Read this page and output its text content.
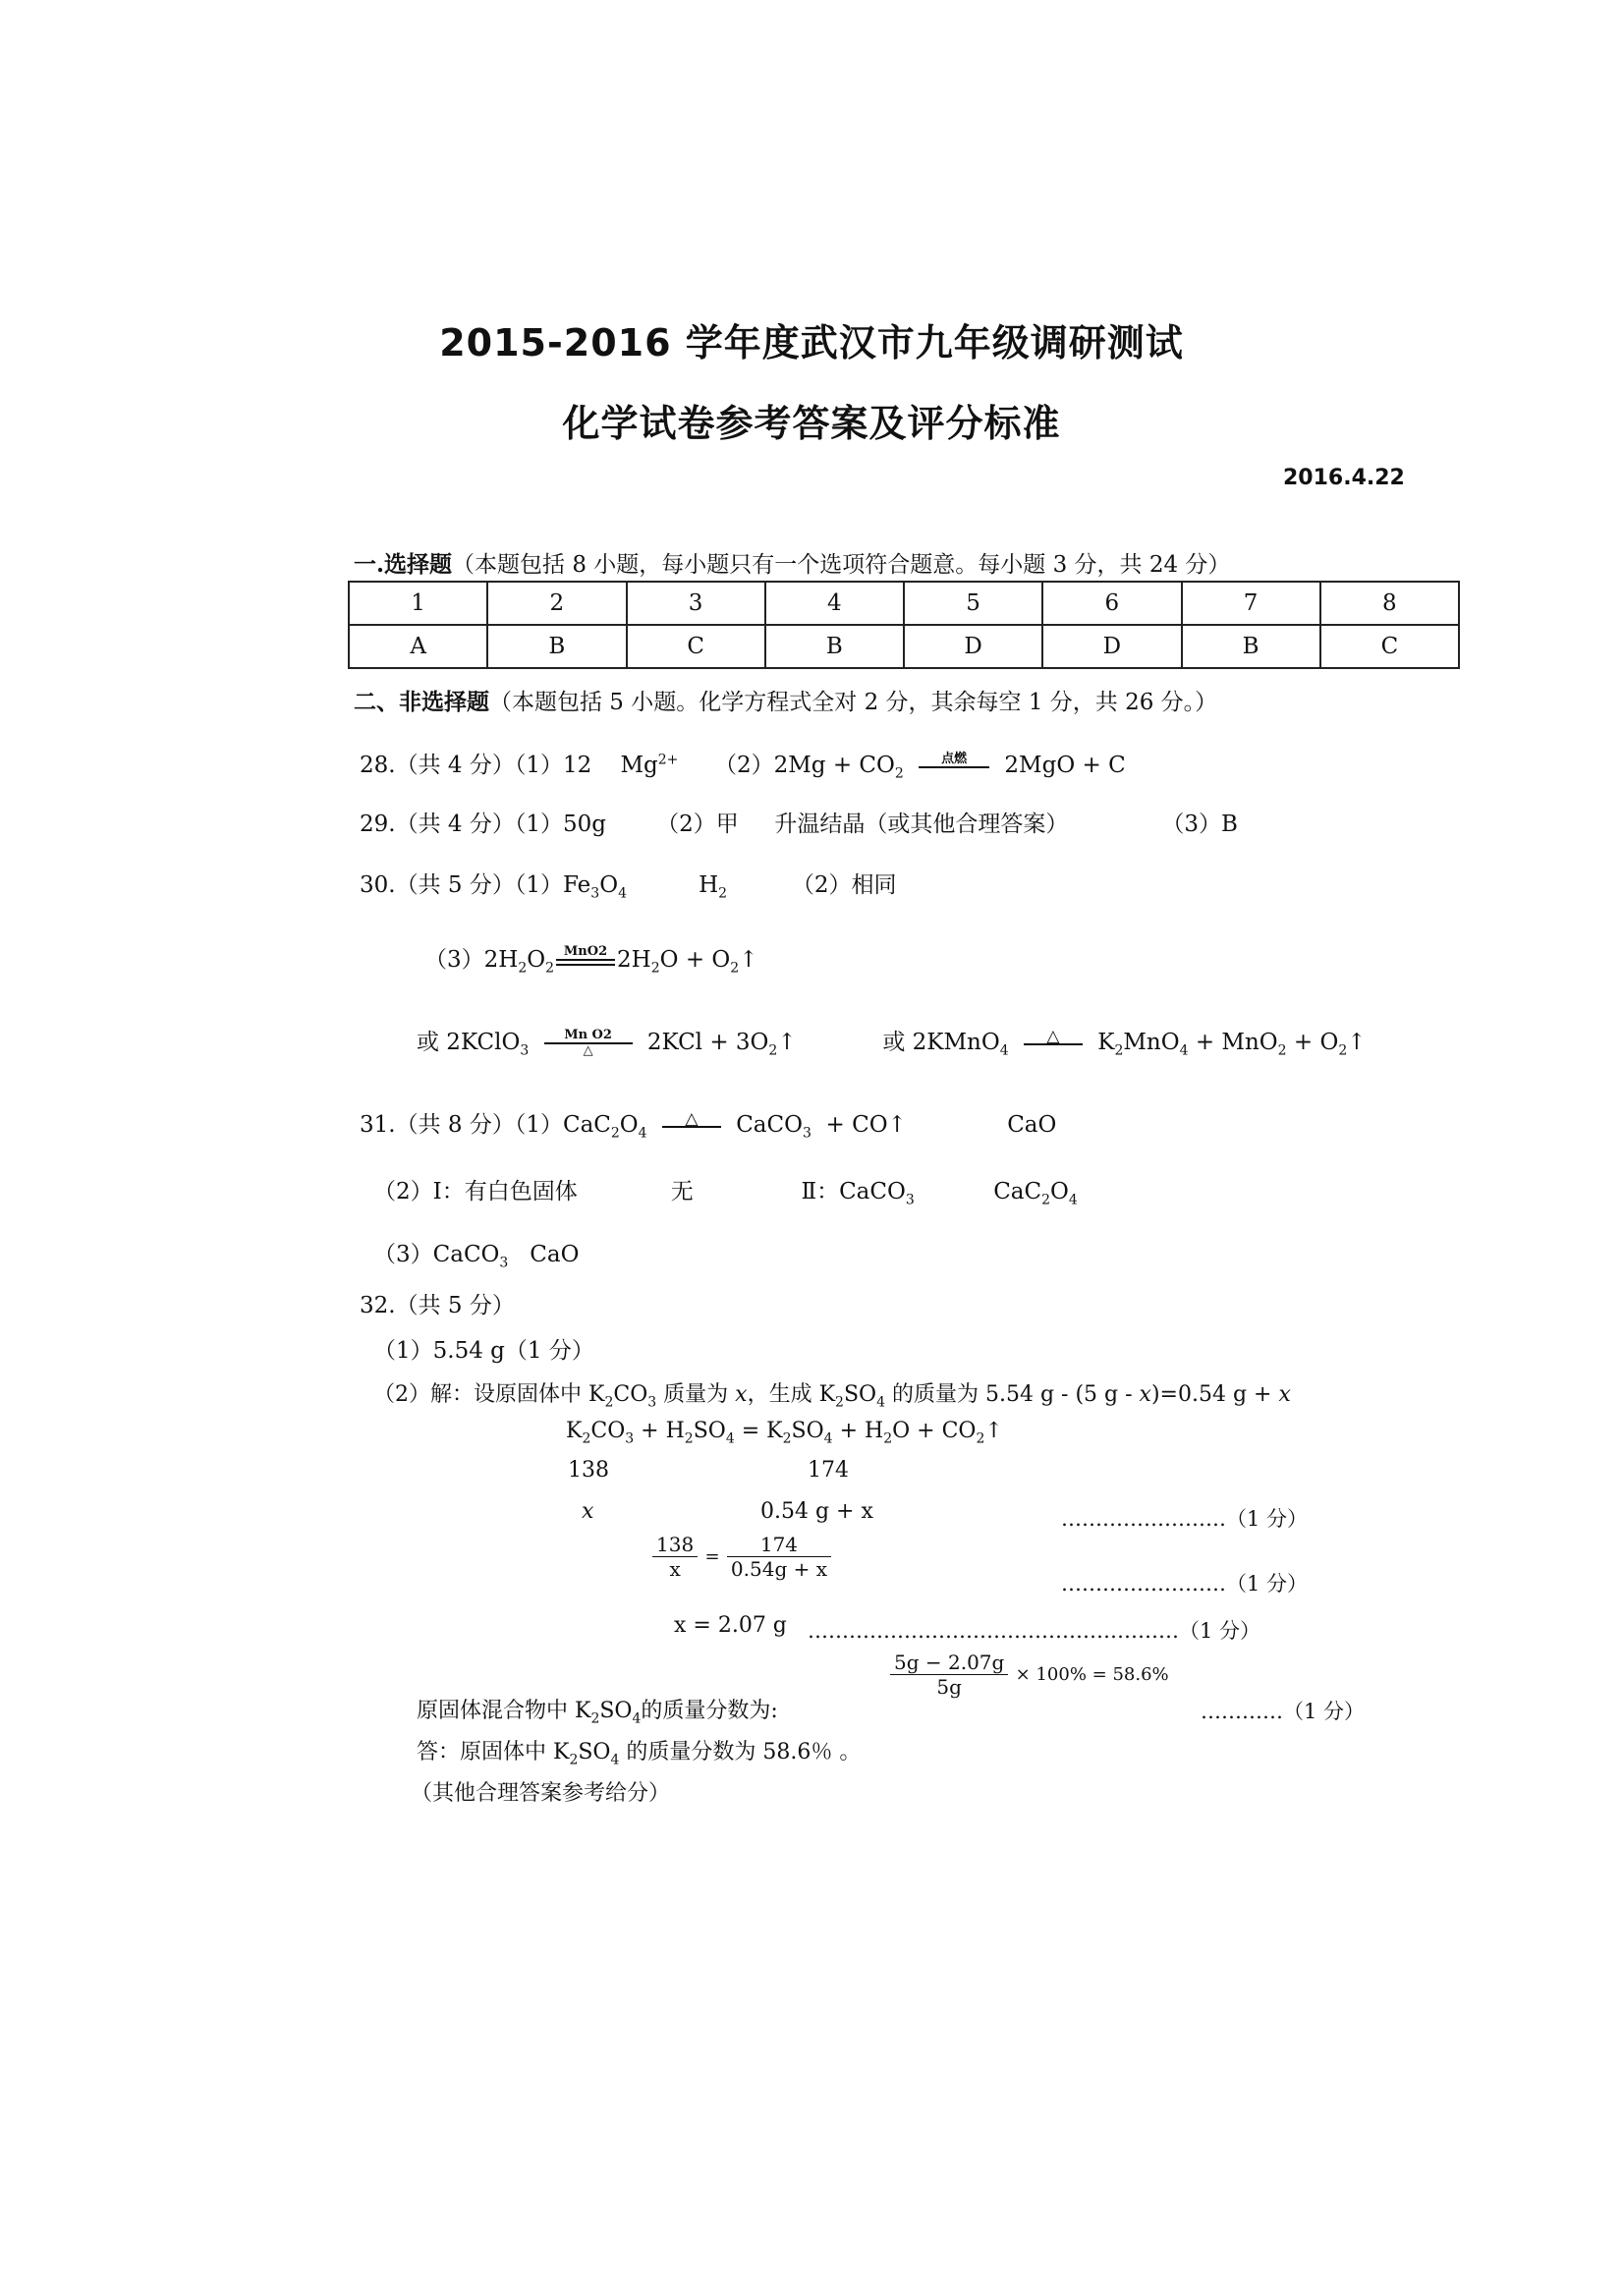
2015-2016 学年度武汉市九年级调研测试
化学试卷参考答案及评分标准
2016.4.22
一.选择题（本题包括 8 小题，每小题只有一个选项符合题意。每小题 3 分，共 24 分）
1	2	3	4	5	6	7	8
A	B	C	B	D	D	B	C
二、非选择题（本题包括 5 小题。化学方程式全对 2 分，其余每空 1 分，共 26 分。）
28.（共 4 分）（1）12 $Mg^{2+}$ $(2)2Mg + CO_2$
点燃	2MgO + C
29.（共 4 分）（1）50g （2）甲 升温结晶（或其他合理答案）	（3）B
30.（共 5 分）$(1)Fe_3O_4$	$H_2$	（2）相同
$(3)2H_2O_2$
MnO2 $2H_2O$ + $O_2↑$
或 2KClO$_3$
Mn O2
△	$2KCl + 3O_2↑$            或 2KMnO$_4$
△	$K_2MnO_4 + MnO_2$ + $O_2↑$
31.（共 8 分）$(1)CaC_2O_4$
△	CaCO$_3$ + CO↑	CaO
（2）Ⅰ：有白色固体	无	Ⅱ：CaCO$_3$	$CaC_2O_4$
（3）CaCO$_3$ CaO
32.（共 5 分）
（1）5.54 g（1 分）
（2）解：设原固体中 $K_2CO_3$ 质量为 x，生成 $K_2SO_4$ 的质量为 5.54 g - (5 g - x)=0.54 g + x
$K_2CO_3 + H_2SO_4 = K_2SO_4 + H_2O$ + $CO_2↑$
138	174
x	0.54 g + x	……………………（1 分）
$\frac{138}{x} = \frac{174}{0.54g + x}$
……………………（1 分）
x = 2.07 g ………………………………………………（1 分）
$\frac{5g - 2.07g}{5g} \times 100\% = 58.6\%$
原固体混合物中 $K_2SO_4$的质量分数为:	…………（1 分）
答：原固体中 $K_2SO_4$ 的质量分数为 58.6％ 。
（其他合理答案参考给分）
